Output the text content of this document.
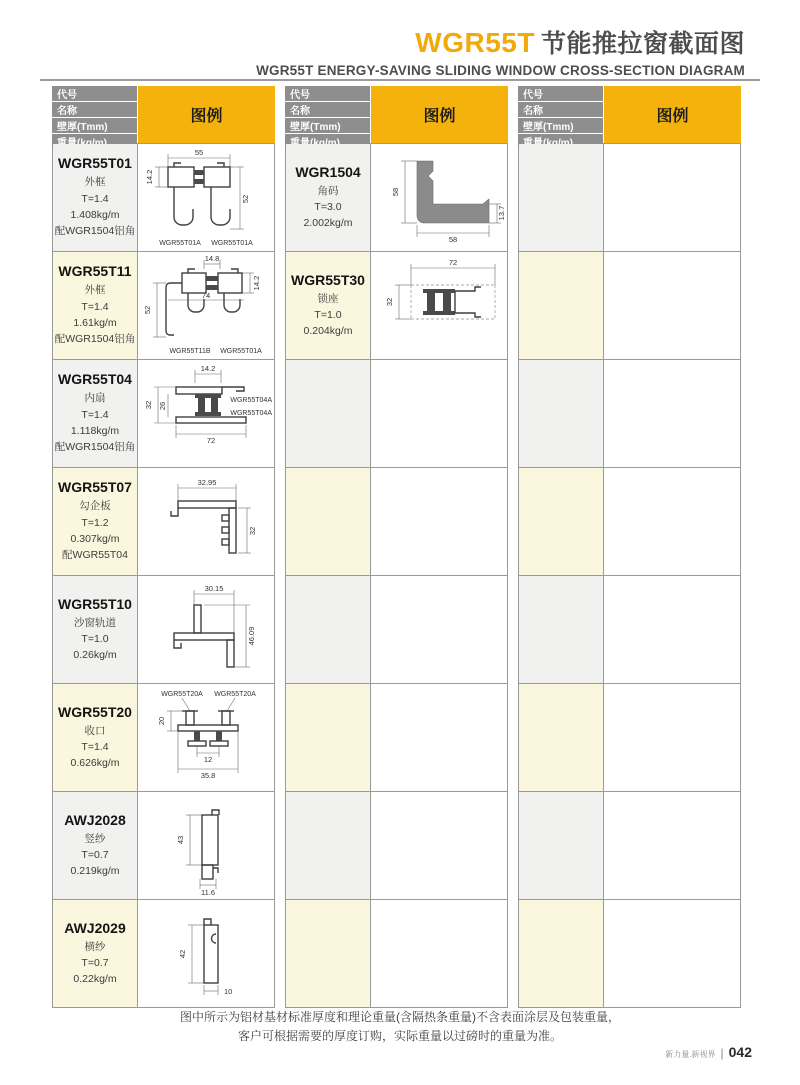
WGR55T 节能推拉窗截面图
WGR55T ENERGY-SAVING SLIDING WINDOW CROSS-SECTION DIAGRAM
代号
名称
壁厚(Tmm)
图例
WGR55T01
外框
T=1.4
1.408kg/m
配WGR1504铝角
55
14.2
52
WGR55T01A WGR55T01A
WGR55T11
外框
T=1.4
1.61kg/m
配WGR1504铝角
14.8
14.2
52
74
WGR55T11B WGR55T01A
WGR55T04
内扇
T=1.4
1.118kg/m
配WGR1504铝角
14.2
32 26
WGR55T04A
WGR55T04A
72
WGR55T07
勾企板
T=1.2
0.307kg/m
配WGR55T04
32.95
32
WGR55T10
沙窗轨道
T=1.0
0.26kg/m
30.15
46.09
WGR55T20
收口
T=1.4
0.626kg/m
WGR55T20A WGR55T20A
20
12
35.8
AWJ2028
竖纱
T=0.7
0.219kg/m
43
11.6
AWJ2029
横纱
T=0.7
0.22kg/m
42
10
代号
名称
壁厚(Tmm)
图例
WGR1504
角码
T=3.0
2.002kg/m
58
13.7
58
WGR55T30
锁座
T=1.0
0.204kg/m
72
32
代号
名称
壁厚(Tmm)
图例
图中所示为铝材基材标准厚度和理论重量(含隔热条重量)不含表面涂层及包装重量，
客户可根据需要的厚度订购，实际重量以过磅时的重量为准。
新力量.新视界 | 042
